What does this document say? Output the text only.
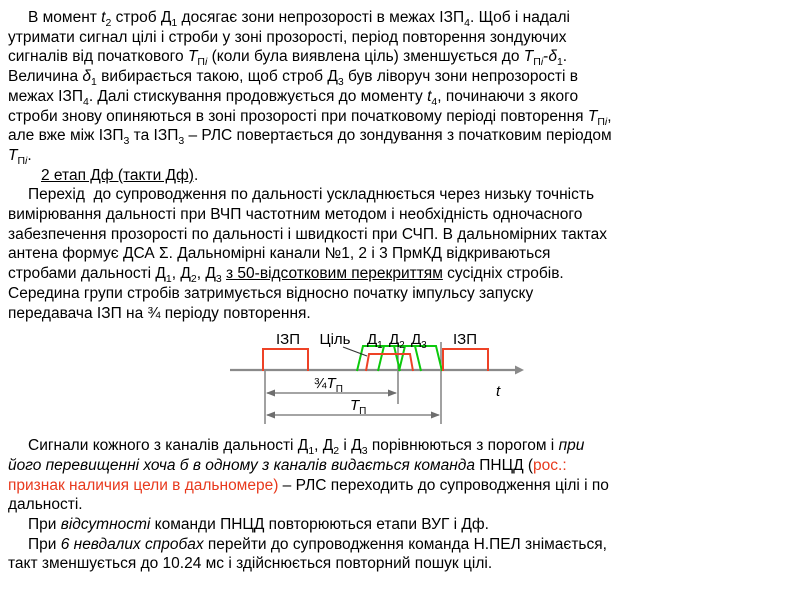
В момент $t_2$ строб $Д_1$ досягає зони непрозорості в межах $ІЗП_4$. Щоб і надалі
утримати сигнал цілі і строби у зоні прозорості, період повторення зондуючих
сигналів від початкового $T_{Пі}$ (коли була виявлена ціль) зменшується до $T_{Пі}-\delta_1$.
Величина $\delta_1$ вибирається такою, щоб строб $Д_3$ був ліворуч зони непрозорості в
межах $ІЗП_4$. Далі стискування продовжується до моменту $t_4$, починаючи з якого
строби знову опиняються в зоні прозорості при початковому періоді повторення $T_{Пі}$,
але вже між $ІЗП_3$ та $ІЗП_3$ – РЛС повертається до зондування з початковим періодом
$T_{Пі}$.
2 етап Дф (такти Дф).
Перехід  до супроводження по дальності ускладнюється через низьку точність
вимірювання дальності при ВЧП частотним методом і необхідність одночасного
забезпечення прозорості по дальності і швидкості при СЧП. В дальномірних тактах
антена формує ДСА Σ. Дальномірні канали №1, 2 і 3 ПрмКД відкриваються
стробами дальності $Д_1$, $Д_2$, $Д_3$ з 50-відсотковим перекриттям сусідніх стробів.
Середина групи стробів затримується відносно початку імпульсу запуску
передавача ІЗП на ¾ періоду повторення.
ІЗП Ціль $Д_1$ $Д_2$ $Д_3$ ІЗП
t
$\frac{3}{4}T_П$
$T_П$
Сигнали кожного з каналів дальності $Д_1$, $Д_2$ і $Д_3$ порівнюються з порогом і при
його перевищенні хоча б в одному з каналів видається команда ПНЦД (рос.:
признак наличия цели в дальномере) – РЛС переходить до супроводження цілі і по
дальності.
При відсутності команди ПНЦД повторюються етапи ВУГ і Дф.
При 6 невдалих спробах перейти до супроводження команда Н.ПЕЛ знімається,
такт зменшується до 10.24 мс і здійснюється повторний пошук цілі.
